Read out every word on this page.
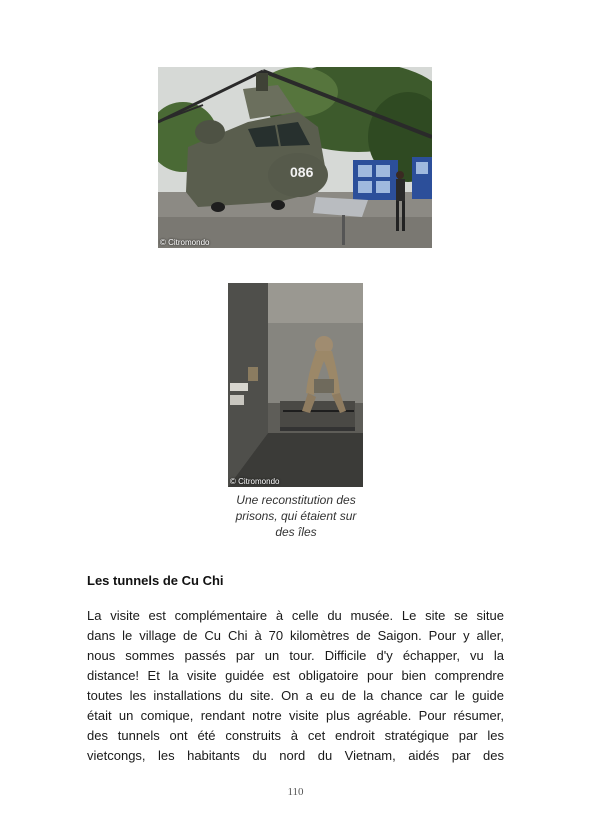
086
© Citromondo
© Citromondo
Une reconstitution des
prisons, qui étaient sur
des îles
Les tunnels de Cu Chi
La visite est complémentaire à celle du musée. Le site se situe
dans le village de Cu Chi à 70 kilomètres de Saigon. Pour y aller,
nous sommes passés par un tour. Difficile d'y échapper, vu la
distance! Et la visite guidée est obligatoire pour bien comprendre
toutes les installations du site. On a eu de la chance car le guide
était un comique, rendant notre visite plus agréable. Pour résumer,
des tunnels ont été construits à cet endroit stratégique par les
vietcongs, les habitants du nord du Vietnam, aidés par des
110
